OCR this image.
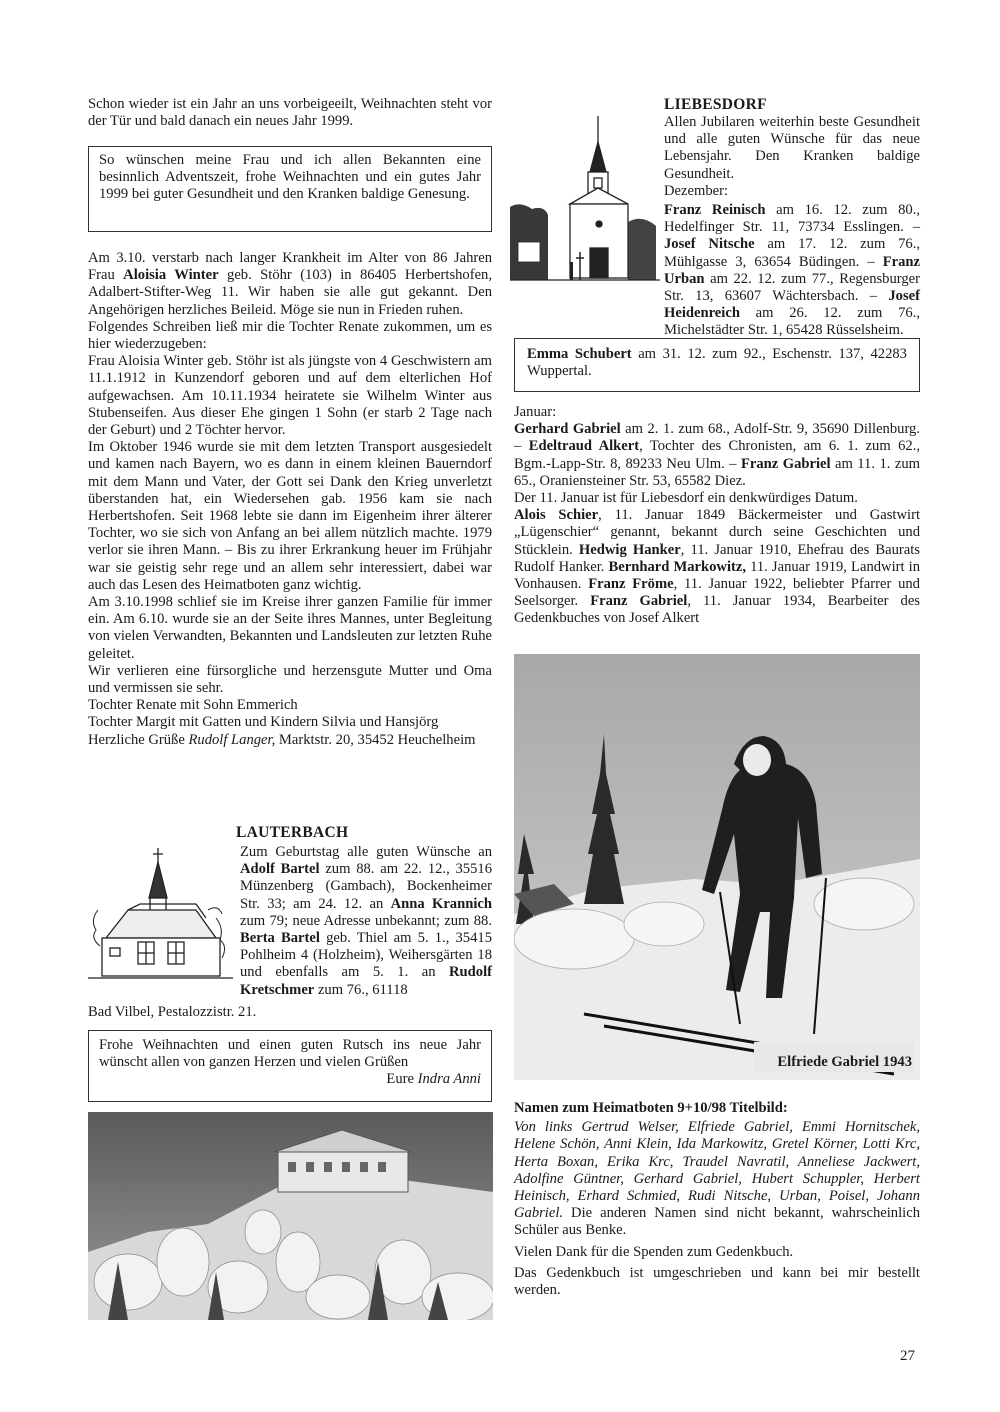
Schon wieder ist ein Jahr an uns vorbeigeeilt, Weihnachten steht vor der Tür und bald danach ein neues Jahr 1999.

So wünschen meine Frau und ich allen Bekannten eine besinnlich Adventszeit, frohe Weihnachten und ein gutes Jahr 1999 bei guter Gesundheit und den Kranken baldige Genesung.

Am 3.10. verstarb nach langer Krankheit im Alter von 86 Jahren Frau Aloisia Winter geb. Stöhr (103) in 86405 Herbertshofen, Adalbert-Stifter-Weg 11. Wir haben sie alle gut gekannt. Den Angehörigen herzliches Beileid. Möge sie nun in Frieden ruhen.

Folgendes Schreiben ließ mir die Tochter Renate zukommen, um es hier wiederzugeben:

Frau Aloisia Winter geb. Stöhr ist als jüngste von 4 Geschwistern am 11.1.1912 in Kunzendorf geboren und auf dem elterlichen Hof aufgewachsen. Am 10.11.1934 heiratete sie Wilhelm Winter aus Stubenseifen. Aus dieser Ehe gingen 1 Sohn (er starb 2 Tage nach der Geburt) und 2 Töchter hervor.

Im Oktober 1946 wurde sie mit dem letzten Transport ausgesiedelt und kamen nach Bayern, wo es dann in einem kleinen Bauerndorf mit dem Mann und Vater, der Gott sei Dank den Krieg unverletzt überstanden hat, ein Wiedersehen gab. 1956 kam sie nach Herbertshofen. Seit 1968 lebte sie dann im Eigenheim ihrer älterer Tochter, wo sie sich von Anfang an bei allem nützlich machte. 1979 verlor sie ihren Mann. – Bis zu ihrer Erkrankung heuer im Frühjahr war sie geistig sehr rege und an allem sehr interessiert, dabei war auch das Lesen des Heimatboten ganz wichtig.

Am 3.10.1998 schlief sie im Kreise ihrer ganzen Familie für immer ein. Am 6.10. wurde sie an der Seite ihres Mannes, unter Begleitung von vielen Verwandten, Bekannten und Landsleuten zur letzten Ruhe geleitet.

Wir verlieren eine fürsorgliche und herzensgute Mutter und Oma und vermissen sie sehr.

Tochter Renate mit Sohn Emmerich

Tochter Margit mit Gatten und Kindern Silvia und Hansjörg

Herzliche Grüße Rudolf Langer, Marktstr. 20, 35452 Heuchelheim

LAUTERBACH

Zum Geburtstag alle guten Wünsche an Adolf Bartel zum 88. am 22. 12., 35516 Münzenberg (Gambach), Bockenheimer Str. 33; am 24. 12. an Anna Krannich zum 79; neue Adresse unbekannt; zum 88. Berta Bartel geb. Thiel am 5. 1., 35415 Pohlheim 4 (Holzheim), Weihersgärten 18 und ebenfalls am 5. 1. an Rudolf Kretschmer zum 76., 61118

Bad Vilbel, Pestalozzistr. 21.

Frohe Weihnachten und einen guten Rutsch ins neue Jahr wünscht allen von ganzen Herzen und vielen Grüßen

Eure Indra Anni

LIEBESDORF

Allen Jubilaren weiterhin beste Gesundheit und alle guten Wünsche für das neue Lebensjahr. Den Kranken baldige Gesundheit.

Dezember:

Franz Reinisch am 16. 12. zum 80., Hedelfinger Str. 11, 73734 Esslingen. – Josef Nitsche am 17. 12. zum 76., Mühlgasse 3, 63654 Büdingen. – Franz Urban am 22. 12. zum 77., Regensburger Str. 13, 63607 Wächtersbach. – Josef Heidenreich am 26. 12. zum 76., Michelstädter Str. 1, 65428 Rüsselsheim.

Emma Schubert am 31. 12. zum 92., Eschenstr. 137, 42283 Wuppertal.

Januar:

Gerhard Gabriel am 2. 1. zum 68., Adolf-Str. 9, 35690 Dillenburg. – Edeltraud Alkert, Tochter des Chronisten, am 6. 1. zum 62., Bgm.-Lapp-Str. 8, 89233 Neu Ulm. – Franz Gabriel am 11. 1. zum 65., Oraniensteiner Str. 53, 65582 Diez.

Der 11. Januar ist für Liebesdorf ein denkwürdiges Datum.

Alois Schier, 11. Januar 1849 Bäckermeister und Gastwirt „Lügenschier“ genannt, bekannt durch seine Geschichten und Stücklein. Hedwig Hanker, 11. Januar 1910, Ehefrau des Baurats Rudolf Hanker. Bernhard Markowitz, 11. Januar 1919, Landwirt in Vonhausen. Franz Fröme, 11. Januar 1922, beliebter Pfarrer und Seelsorger. Franz Gabriel, 11. Januar 1934, Bearbeiter des Gedenkbuches von Josef Alkert

Elfriede Gabriel 1943

Namen zum Heimatboten 9+10/98 Titelbild:

Von links Gertrud Welser, Elfriede Gabriel, Emmi Hornitschek, Helene Schön, Anni Klein, Ida Markowitz, Gretel Körner, Lotti Krc, Herta Boxan, Erika Krc, Traudel Navratil, Anneliese Jackwert, Adolfine Güntner, Gerhard Gabriel, Hubert Schuppler, Herbert Heinisch, Erhard Schmied, Rudi Nitsche, Urban, Poisel, Johann Gabriel. Die anderen Namen sind nicht bekannt, wahrscheinlich Schüler aus Benke.

Vielen Dank für die Spenden zum Gedenkbuch.

Das Gedenkbuch ist umgeschrieben und kann bei mir bestellt werden.

27
